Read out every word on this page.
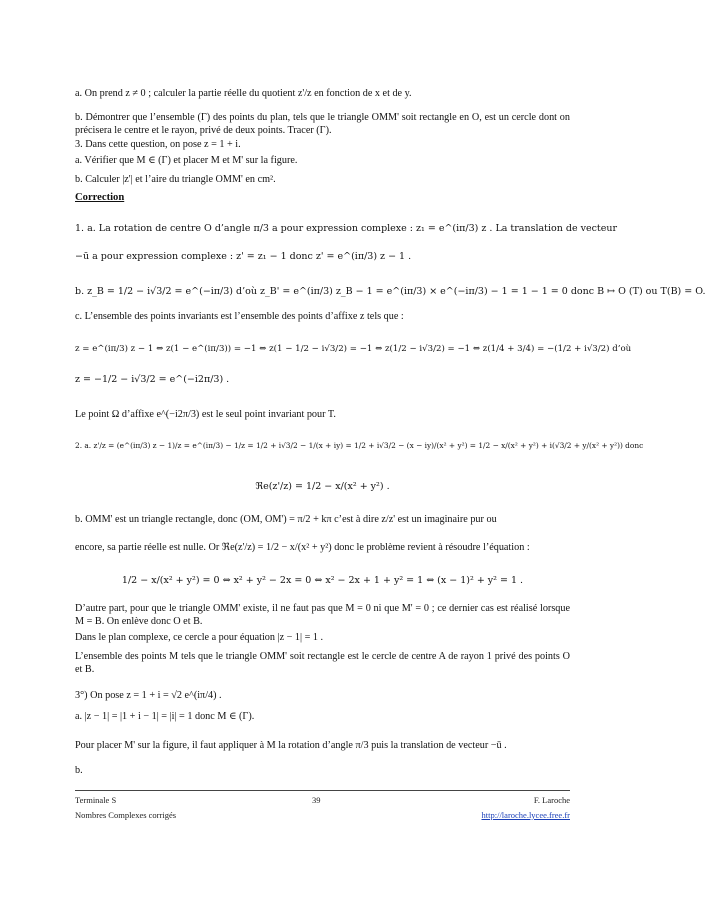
a. On prend z ≠ 0 ; calculer la partie réelle du quotient z'/z en fonction de x et de y.
b. Démontrer que l’ensemble (Γ) des points du plan, tels que le triangle OMM' soit rectangle en O, est un cercle dont on précisera le centre et le rayon, privé de deux points. Tracer (Γ).
3. Dans cette question, on pose z = 1 + i.
a. Vérifier que M ∈ (Γ) et placer M et M' sur la figure.
b. Calculer |z'| et l’aire du triangle OMM' en cm².
Correction
1. a. La rotation de centre O d’angle π/3 a pour expression complexe : z₁ = e^(iπ/3) z . La translation de vecteur
−ū a pour expression complexe : z' = z₁ − 1 donc z' = e^(iπ/3) z − 1 .
b. z_B = 1/2 − i√3/2 = e^(−iπ/3) d’où z_B' = e^(iπ/3) z_B − 1 = e^(iπ/3) × e^(−iπ/3) − 1 = 1 − 1 = 0 donc B ↦ O (T) ou T(B) = O.
c. L’ensemble des points invariants est l’ensemble des points d’affixe z tels que :
z = e^(iπ/3) z − 1 ⇔ z(1 − e^(iπ/3)) = −1 ⇔ z(1 − 1/2 − i√3/2) = −1 ⇔ z(1/2 − i√3/2) = −1 ⇔ z(1/4 + 3/4) = −(1/2 + i√3/2) d’où
z = −1/2 − i√3/2 = e^(−i2π/3) .
Le point Ω d’affixe e^(−i2π/3) est le seul point invariant pour T.
2. a. z'/z = (e^(iπ/3) z − 1)/z = e^(iπ/3) − 1/z = 1/2 + i√3/2 − 1/(x + iy) = 1/2 + i√3/2 − (x − iy)/(x² + y²) = 1/2 − x/(x² + y²) + i(√3/2 + y/(x² + y²)) donc
ℜe(z'/z) = 1/2 − x/(x² + y²) .
b. OMM' est un triangle rectangle, donc (OM, OM') = π/2 + kπ c’est à dire z/z' est un imaginaire pur ou
encore, sa partie réelle est nulle. Or ℜe(z'/z) = 1/2 − x/(x² + y²) donc le problème revient à résoudre l’équation :
1/2 − x/(x² + y²) = 0 ⇔ x² + y² − 2x = 0 ⇔ x² − 2x + 1 + y² = 1 ⇔ (x − 1)² + y² = 1 .
D’autre part, pour que le triangle OMM' existe, il ne faut pas que M = 0 ni que M' = 0 ; ce dernier cas est réalisé lorsque M = B. On enlève donc O et B.
Dans le plan complexe, ce cercle a pour équation |z − 1| = 1 .
L’ensemble des points M tels que le triangle OMM' soit rectangle est le cercle de centre A de rayon 1 privé des points O et B.
3°) On pose z = 1 + i = √2 e^(iπ/4) .
a. |z − 1| = |1 + i − 1| = |i| = 1 donc M ∈ (Γ).
Pour placer M' sur la figure, il faut appliquer à M la rotation d’angle π/3 puis la translation de vecteur −ū .
b.
Terminale S
Nombres Complexes corrigés
39	F. Laroche
http://laroche.lycee.free.fr
